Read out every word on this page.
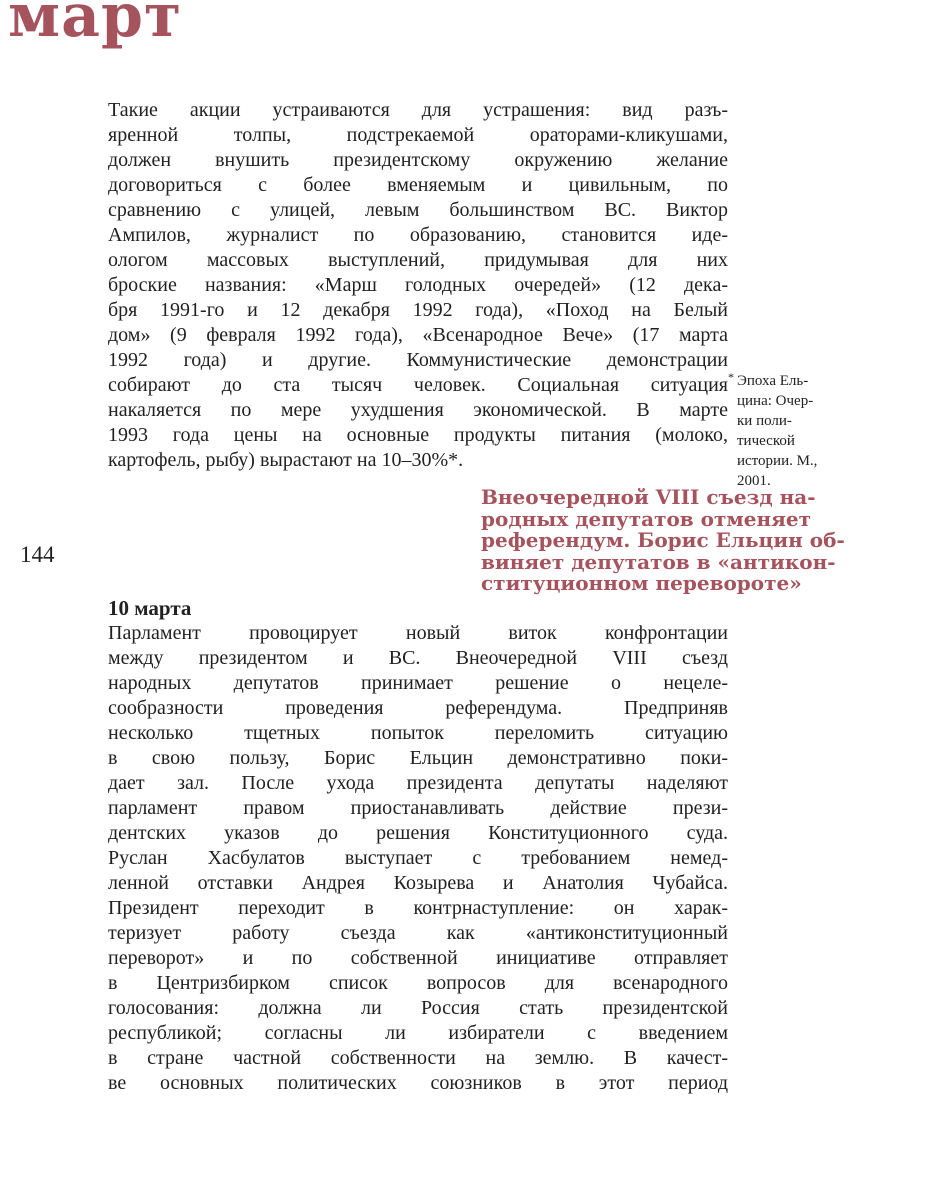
март
144
Такие акции устраиваются для устрашения: вид разъ-
яренной толпы, подстрекаемой ораторами-кликушами,
должен внушить президентскому окружению желание
договориться с более вменяемым и цивильным, по
сравнению с улицей, левым большинством ВС. Виктор
Ампилов, журналист по образованию, становится иде-
ологом массовых выступлений, придумывая для них
броские названия: «Марш голодных очередей» (12 дека-
бря 1991-го и 12 декабря 1992 года), «Поход на Белый
дом» (9 февраля 1992 года), «Всенародное Вече» (17 марта
1992 года) и другие. Коммунистические демонстрации
собирают до ста тысяч человек. Социальная ситуация
накаляется по мере ухудшения экономической. В марте
1993 года цены на основные продукты питания (молоко,
картофель, рыбу) вырастают на 10–30%*.
10 марта
Парламент провоцирует новый виток конфронтации
между президентом и ВС. Внеочередной VIII съезд
народных депутатов принимает решение о нецеле-
сообразности проведения референдума. Предприняв
несколько тщетных попыток переломить ситуацию
в свою пользу, Борис Ельцин демонстративно поки-
дает зал. После ухода президента депутаты наделяют
парламент правом приостанавливать действие прези-
дентских указов до решения Конституционного суда.
Руслан Хасбулатов выступает с требованием немед-
ленной отставки Андрея Козырева и Анатолия Чубайса.
Президент переходит в контрнаступление: он харак-
теризует работу съезда как «антиконституционный
переворот» и по собственной инициативе отправляет
в Центризбирком список вопросов для всенародного
голосования: должна ли Россия стать президентской
республикой; согласны ли избиратели с введением
в стране частной собственности на землю. В качест-
ве основных политических союзников в этот период
* Эпоха Ель-
цина: Очер-
ки поли-
тической
истории. М.,
2001.
Внеочередной VIII съезд на-
родных депутатов отменяет
референдум. Борис Ельцин об-
виняет депутатов в «антикон-
ституционном перевороте»
